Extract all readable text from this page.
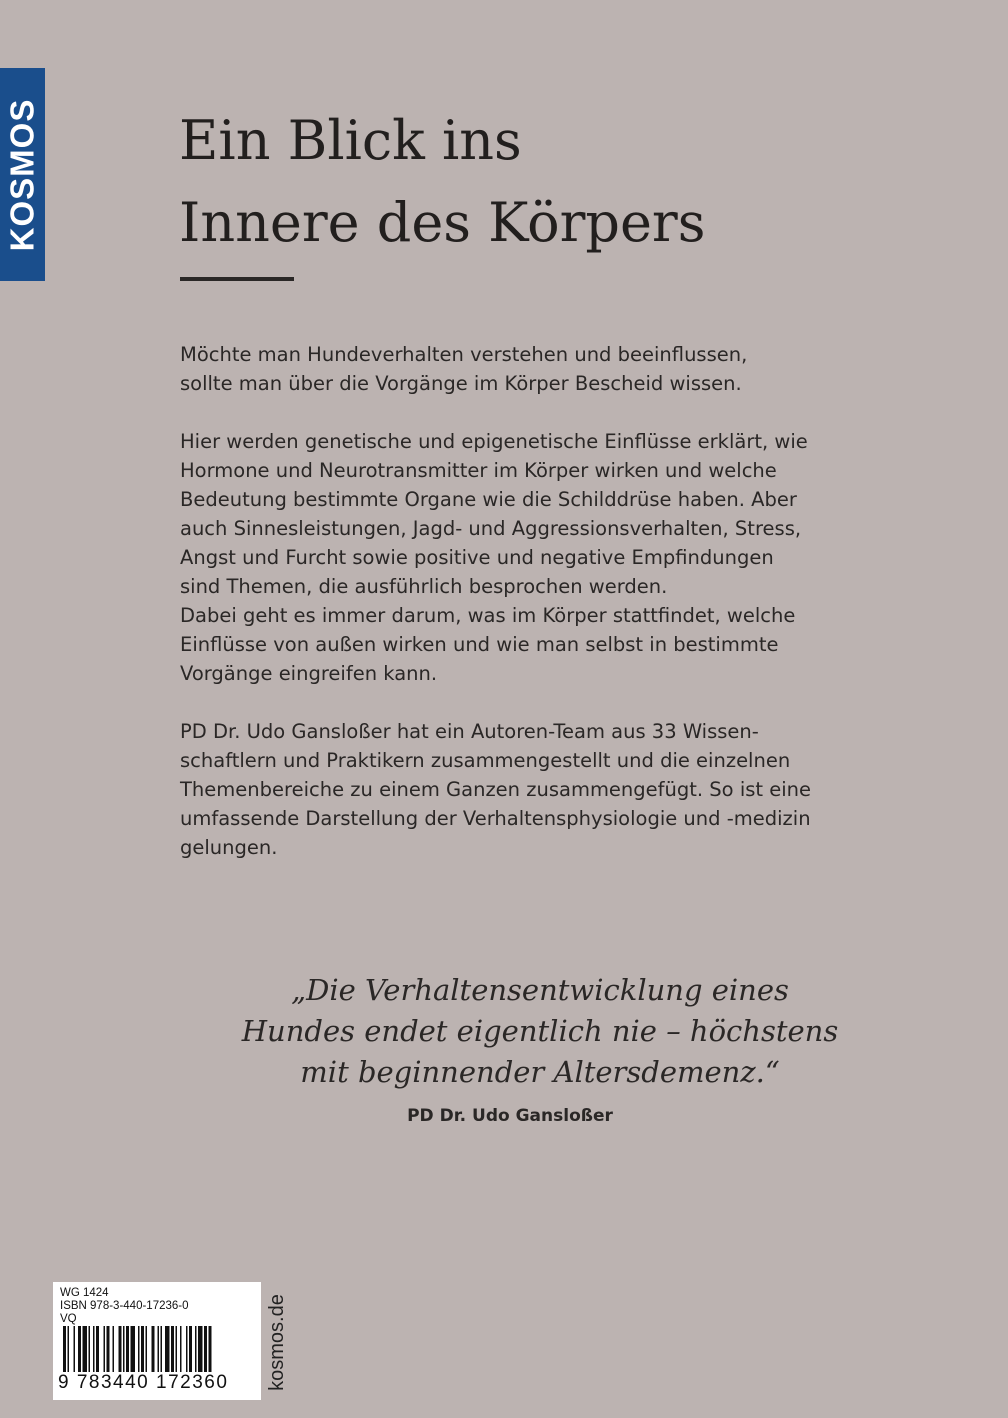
KOSMOS	Ein Blick ins
Innere des Körpers

Möchte man Hundeverhalten verstehen und beeinflussen,
sollte man über die Vorgänge im Körper Bescheid wissen.

Hier werden genetische und epigenetische Einflüsse erklärt, wie
Hormone und Neurotransmitter im Körper wirken und welche
Bedeutung bestimmte Organe wie die Schilddrüse haben. Aber
auch Sinnesleistungen, Jagd- und Aggressionsverhalten, Stress,
Angst und Furcht sowie positive und negative Empfindungen
sind Themen, die ausführlich besprochen werden.
Dabei geht es immer darum, was im Körper stattfindet, welche
Einflüsse von außen wirken und wie man selbst in bestimmte
Vorgänge eingreifen kann.

PD Dr. Udo Gansloßer hat ein Autoren-Team aus 33 Wissen-
schaftlern und Praktikern zusammengestellt und die einzelnen
Themenbereiche zu einem Ganzen zusammengefügt. So ist eine
umfassende Darstellung der Verhaltensphysiologie und -medizin
gelungen.

„Die Verhaltensentwicklung eines
Hundes endet eigentlich nie – höchstens
mit beginnender Altersdemenz.“
PD Dr. Udo Gansloßer
WG 1424
ISBN 978-3-440-17236-0
VQ
9 783440 172360	kosmos.de
